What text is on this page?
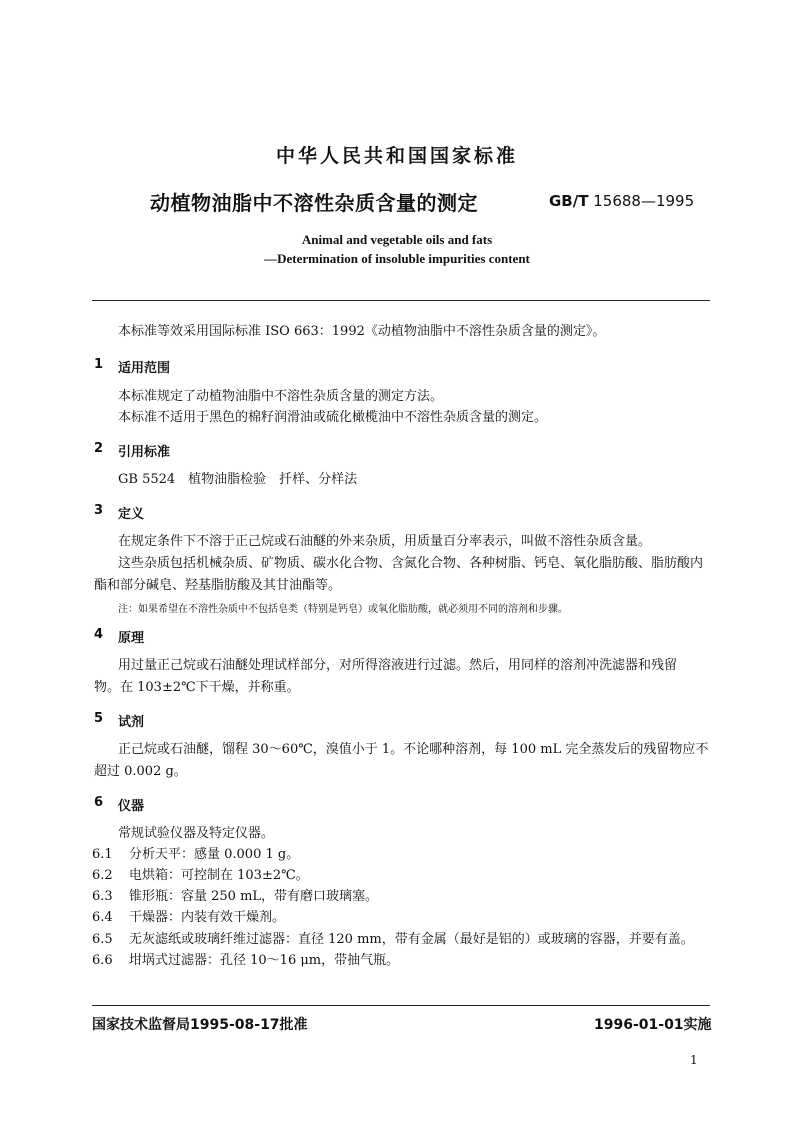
中华人民共和国国家标准
动植物油脂中不溶性杂质含量的测定	GB/T 15688—1995
Animal and vegetable oils and fats
—Determination of insoluble impurities content
本标准等效采用国际标准 ISO 663：1992《动植物油脂中不溶性杂质含量的测定》。
1 适用范围
本标准规定了动植物油脂中不溶性杂质含量的测定方法。
本标准不适用于黑色的棉籽润滑油或硫化橄榄油中不溶性杂质含量的测定。
2 引用标准
GB 5524　植物油脂检验　扦样、分样法
3 定义
在规定条件下不溶于正己烷或石油醚的外来杂质，用质量百分率表示，叫做不溶性杂质含量。
这些杂质包括机械杂质、矿物质、碳水化合物、含氮化合物、各种树脂、钙皂、氧化脂肪酸、脂肪酸内
酯和部分碱皂、羟基脂肪酸及其甘油酯等。
注：如果希望在不溶性杂质中不包括皂类（特别是钙皂）或氧化脂肪酸，就必须用不同的溶剂和步骤。
4 原理
用过量正己烷或石油醚处理试样部分，对所得溶液进行过滤。然后，用同样的溶剂冲洗滤器和残留
物。在 103±2℃下干燥，并称重。
5 试剂
正己烷或石油醚，馏程 30～60℃，溴值小于 1。不论哪种溶剂，每 100 mL 完全蒸发后的残留物应不
超过 0.002 g。
6 仪器
常规试验仪器及特定仪器。
6.1 分析天平：感量 0.000 1 g。
6.2 电烘箱：可控制在 103±2℃。
6.3 锥形瓶：容量 250 mL，带有磨口玻璃塞。
6.4 干燥器：内装有效干燥剂。
6.5 无灰滤纸或玻璃纤维过滤器：直径 120 mm，带有金属（最好是铝的）或玻璃的容器，并要有盖。
6.6 坩埚式过滤器：孔径 10～16 μm，带抽气瓶。
国家技术监督局1995-08-17批准	1996-01-01实施
1
